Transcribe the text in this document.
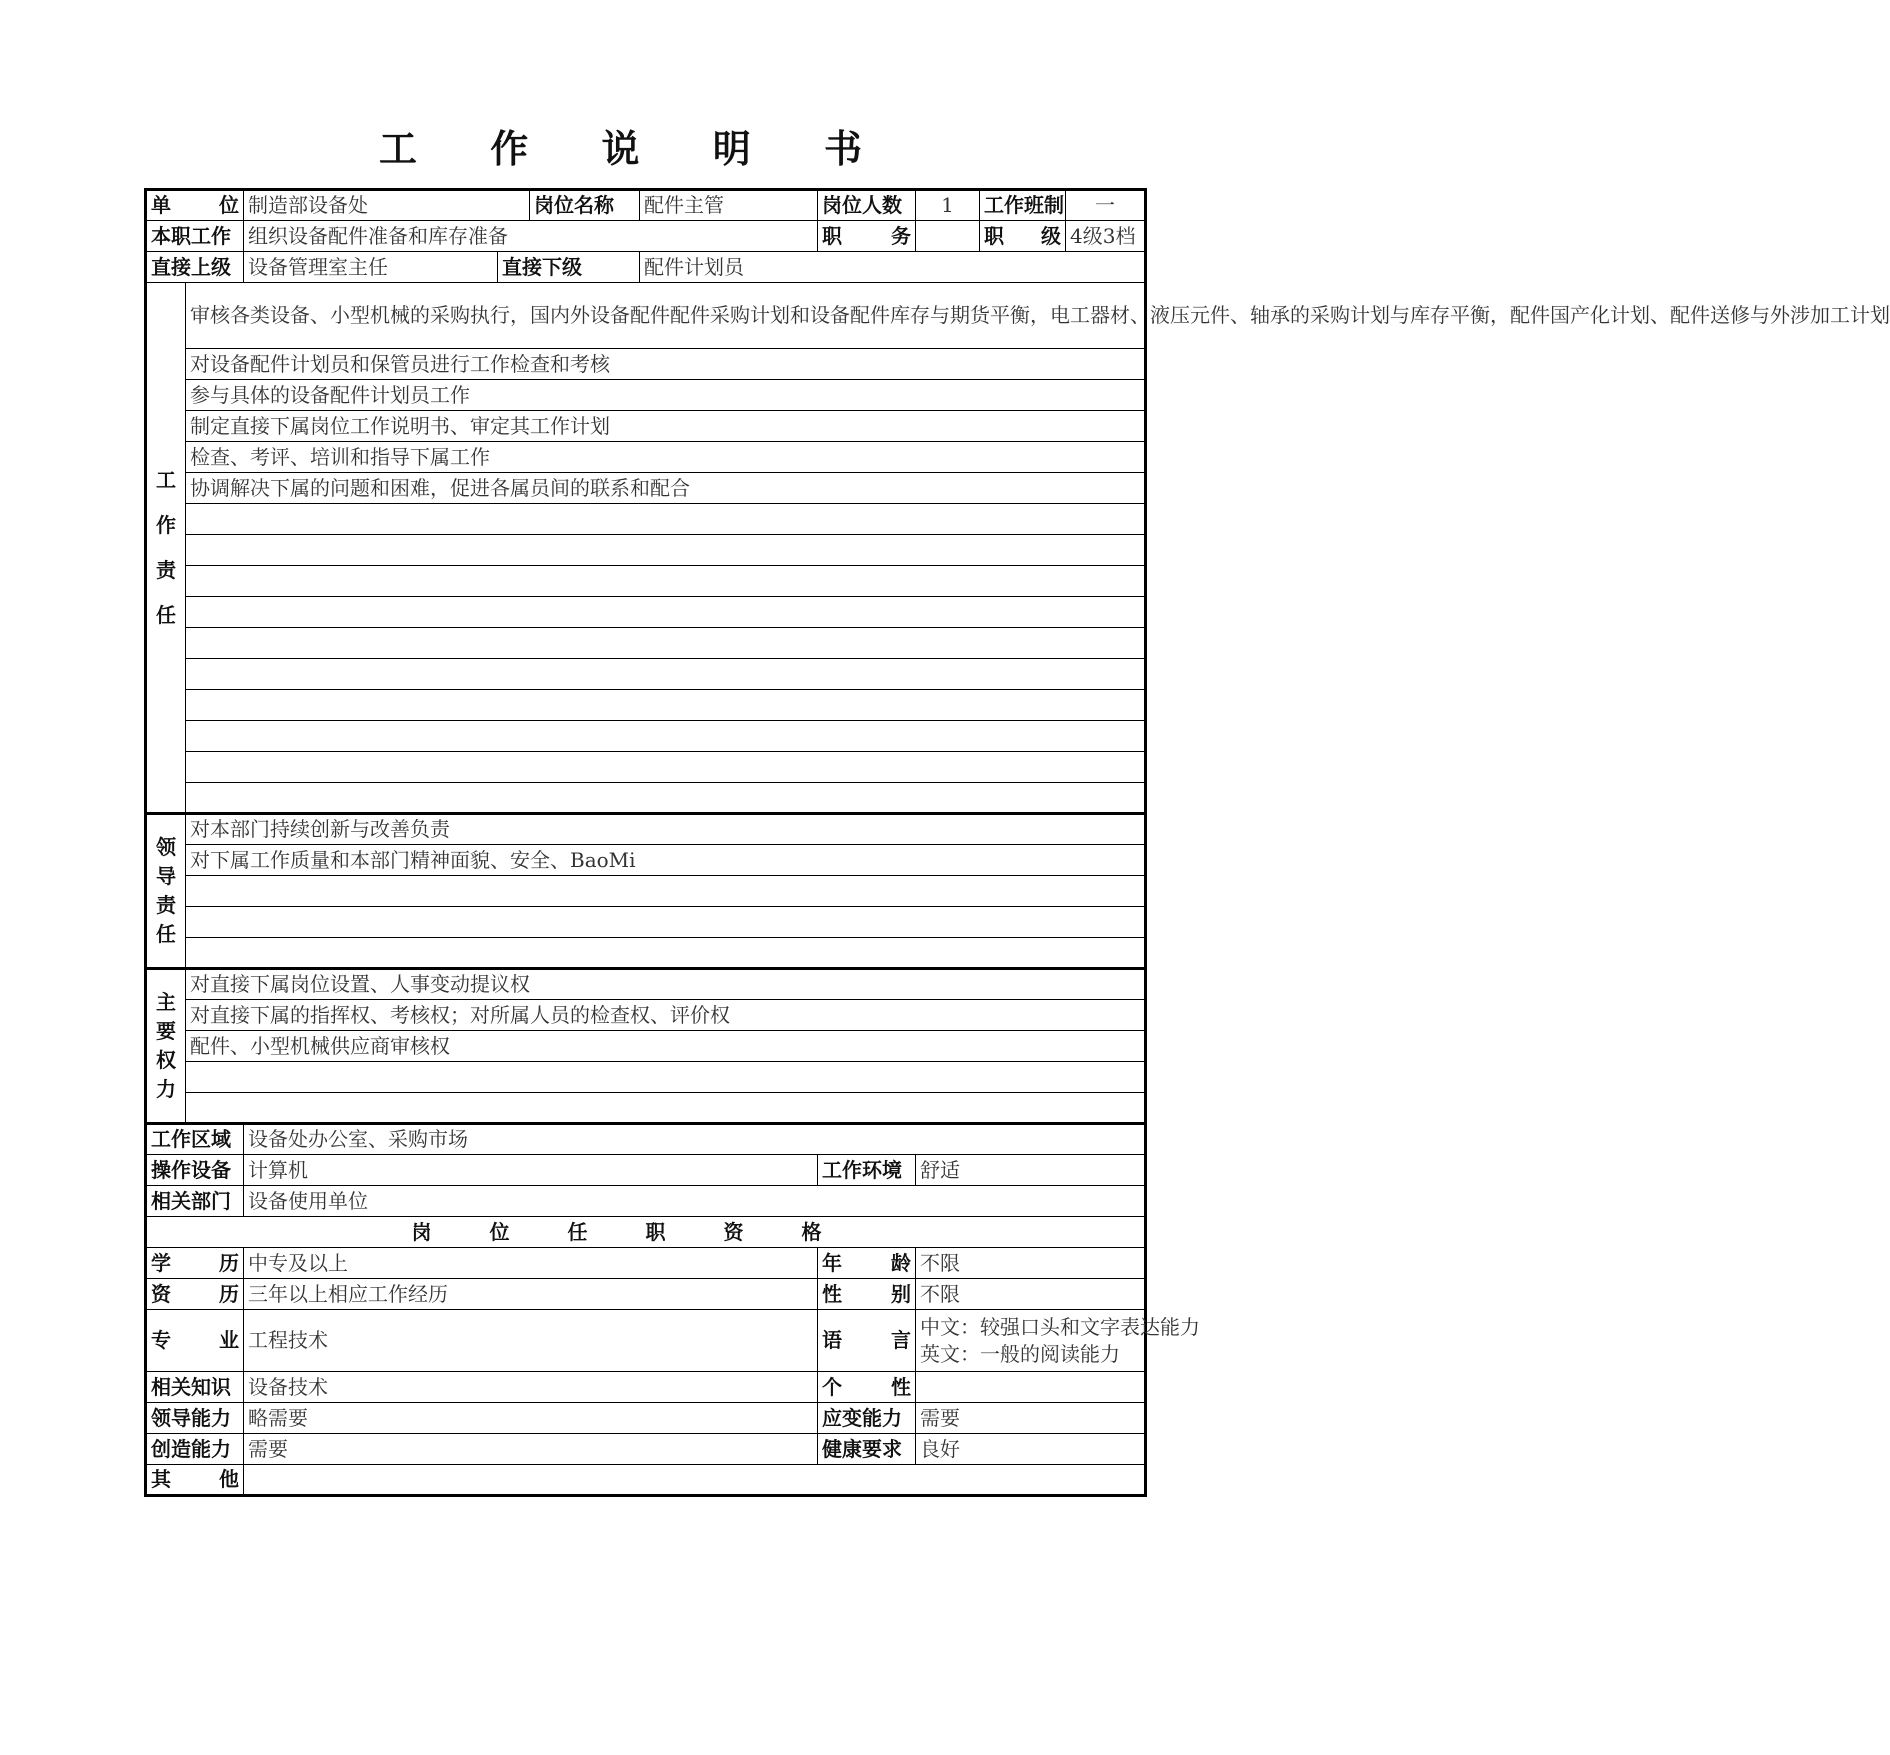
工 作 说 明 书
单 位		制造部设备处		岗位名称	配件主管	岗位人数	1	工作班制	一
本职工作		组织设备配件准备和库存准备				职 务		职 级	4级3档
直接上级		设备管理室主任	直接下级		配件计划员				

工
作
责
任	审核各类设备、小型机械的采购执行，国内外设备配件配件采购计划和设备配件库存与期货平衡，电工器材、液压元件、轴承的采购计划与库存平衡，配件国产化计划、配件送修与外涉加工计划								
	对设备配件计划员和保管员进行工作检查和考核								
	参与具体的设备配件计划员工作								
	制定直接下属岗位工作说明书、审定其工作计划								
	检查、考评、培训和指导下属工作								
	协调解决下属的问题和困难，促进各属员间的联系和配合								

领
导
责
任	对本部门持续创新与改善负责								
	对下属工作质量和本部门精神面貌、安全、BaoMi								

主
要
权
力	对直接下属岗位设置、人事变动提议权								
	对直接下属的指挥权、考核权；对所属人员的检查权、评价权								
	配件、小型机械供应商审核权								

工作区域		设备处办公室、采购市场							
操作设备		计算机				工作环境	舒适		
相关部门		设备使用单位							
岗位任职资格									
学 历		中专及以上				年 龄	不限		
资 历		三年以上相应工作经历				性 别	不限		
专 业		工程技术				语 言	中文：较强口头和文字表达能力
英文：一般的阅读能力		

相关知识		设备技术				个 性			
领导能力		略需要				应变能力	需要		
创造能力		需要				健康要求	良好		
其 他									
